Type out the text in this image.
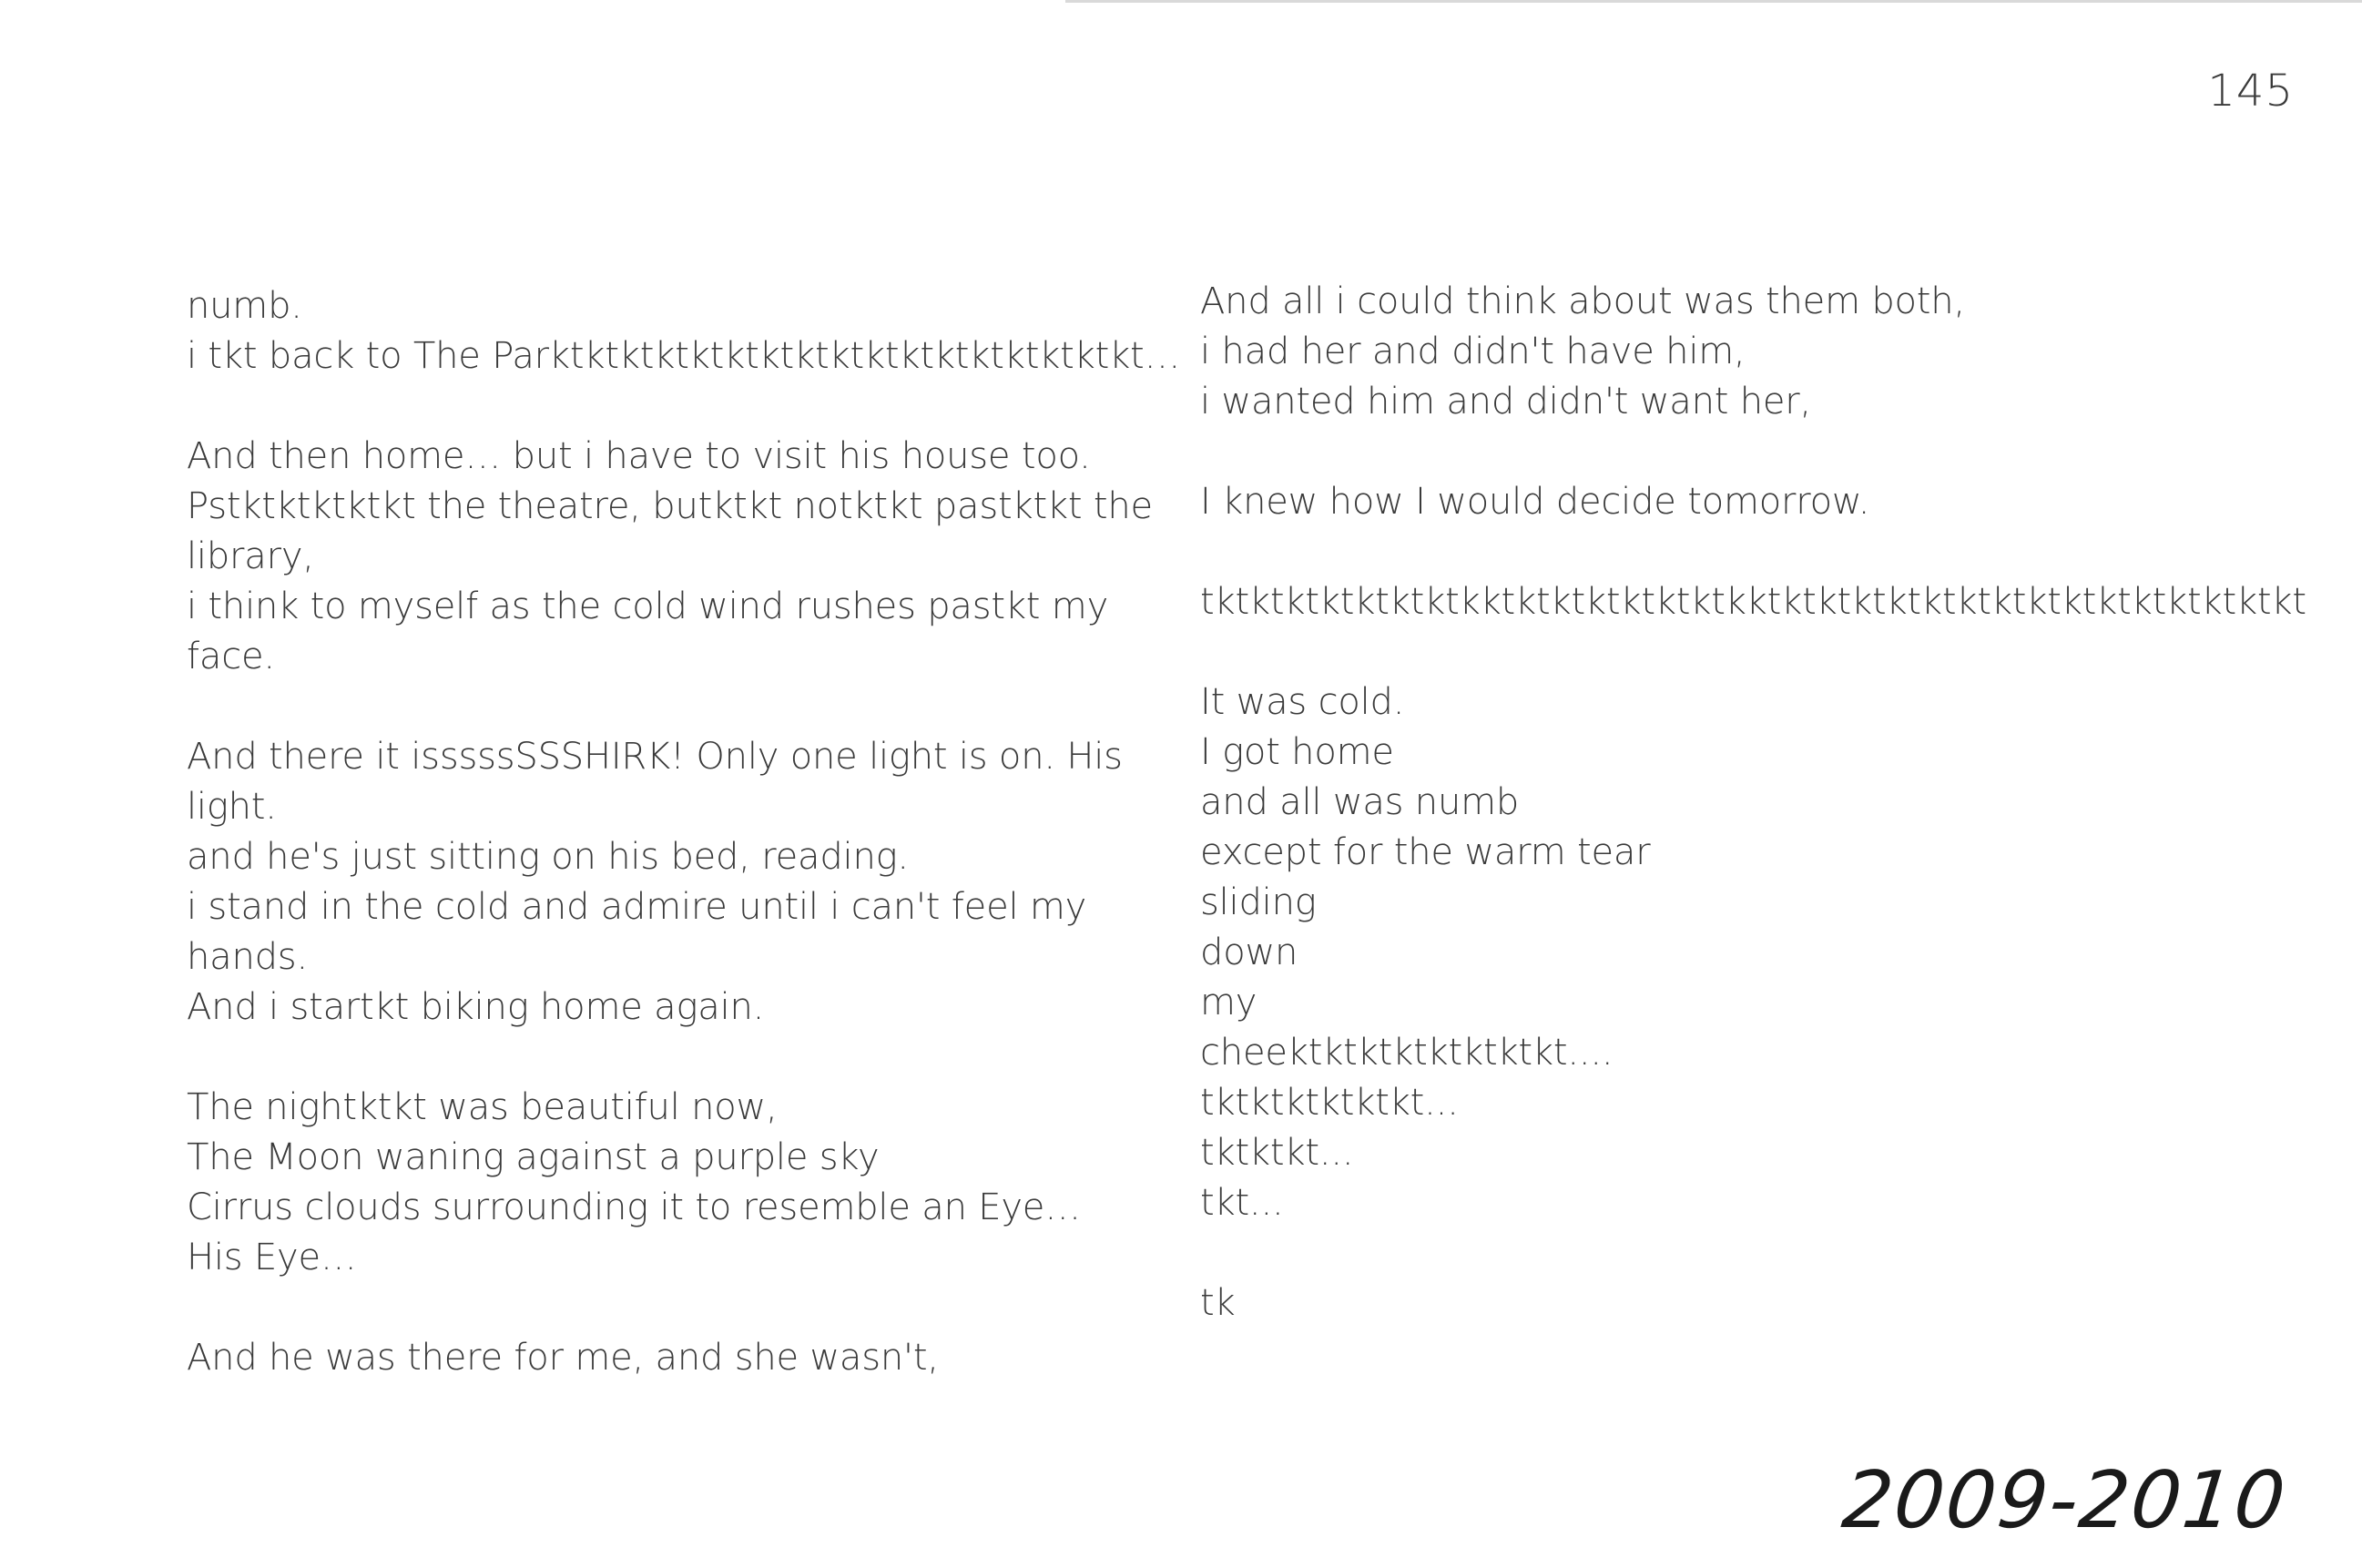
145
numb.
i tkt back to The Parktktktktktktktktktktktktktktktktkt…
And then home… but i have to visit his house too.
Pstktktktktkt the theatre, butktkt notktkt pastktkt the
library,
i think to myself as the cold wind rushes pastkt my
face.
And there it isssssSSSHIRK! Only one light is on. His
light.
and he's just sitting on his bed, reading.
i stand in the cold and admire until i can't feel my
hands.
And i startkt biking home again.
The nightktkt was beautiful now,
The Moon waning against a purple sky
Cirrus clouds surrounding it to resemble an Eye…
His Eye…
And he was there for me, and she wasn't,
And all i could think about was them both,
i had her and didn't have him,
i wanted him and didn't want her,
I knew how I would decide tomorrow.
tktktktktktktktkktktktktktktktkktktktktktktktktktktktktktktktkt
It was cold.
I got home
and all was numb
except for the warm tear
sliding
down
my
cheektktktktktktktkt....
tktktktktktkt...
tktktkt...
tkt...
tk
2009-2010
